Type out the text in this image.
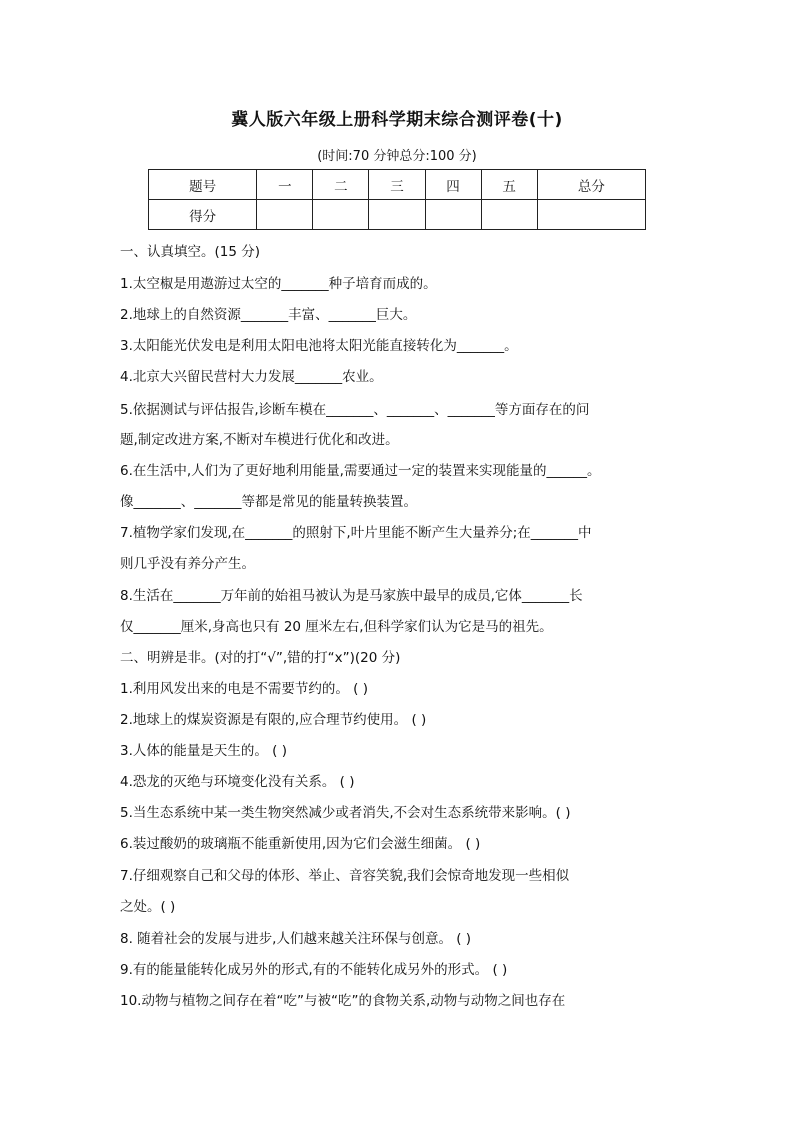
冀人版六年级上册科学期末综合测评卷(十)
(时间:70 分钟总分:100 分)
题号	一	二	三	四	五	总分
得分						
一、认真填空。(15 分)
1.太空椒是用遨游过太空的_______种子培育而成的。
2.地球上的自然资源_______丰富、_______巨大。
3.太阳能光伏发电是利用太阳电池将太阳光能直接转化为_______。
4.北京大兴留民营村大力发展_______农业。
5.依据测试与评估报告,诊断车模在_______、_______、_______等方面存在的问
题,制定改进方案,不断对车模进行优化和改进。
6.在生活中,人们为了更好地利用能量,需要通过一定的装置来实现能量的______。
像_______、_______等都是常见的能量转换装置。
7.植物学家们发现,在_______的照射下,叶片里能不断产生大量养分;在_______中
则几乎没有养分产生。
8.生活在_______万年前的始祖马被认为是马家族中最早的成员,它体_______长
仅_______厘米,身高也只有 20 厘米左右,但科学家们认为它是马的祖先。
二、明辨是非。(对的打“√”,错的打“x”)(20 分)
1.利用风发出来的电是不需要节约的。 ( )
2.地球上的煤炭资源是有限的,应合理节约使用。 ( )
3.人体的能量是天生的。 ( )
4.恐龙的灭绝与环境变化没有关系。 ( )
5.当生态系统中某一类生物突然减少或者消失,不会对生态系统带来影响。( )
6.装过酸奶的玻璃瓶不能重新使用,因为它们会滋生细菌。 ( )
7.仔细观察自己和父母的体形、举止、音容笑貌,我们会惊奇地发现一些相似
之处。( )
8. 随着社会的发展与进步,人们越来越关注环保与创意。 ( )
9.有的能量能转化成另外的形式,有的不能转化成另外的形式。 ( )
10.动物与植物之间存在着“吃”与被“吃”的食物关系,动物与动物之间也存在
